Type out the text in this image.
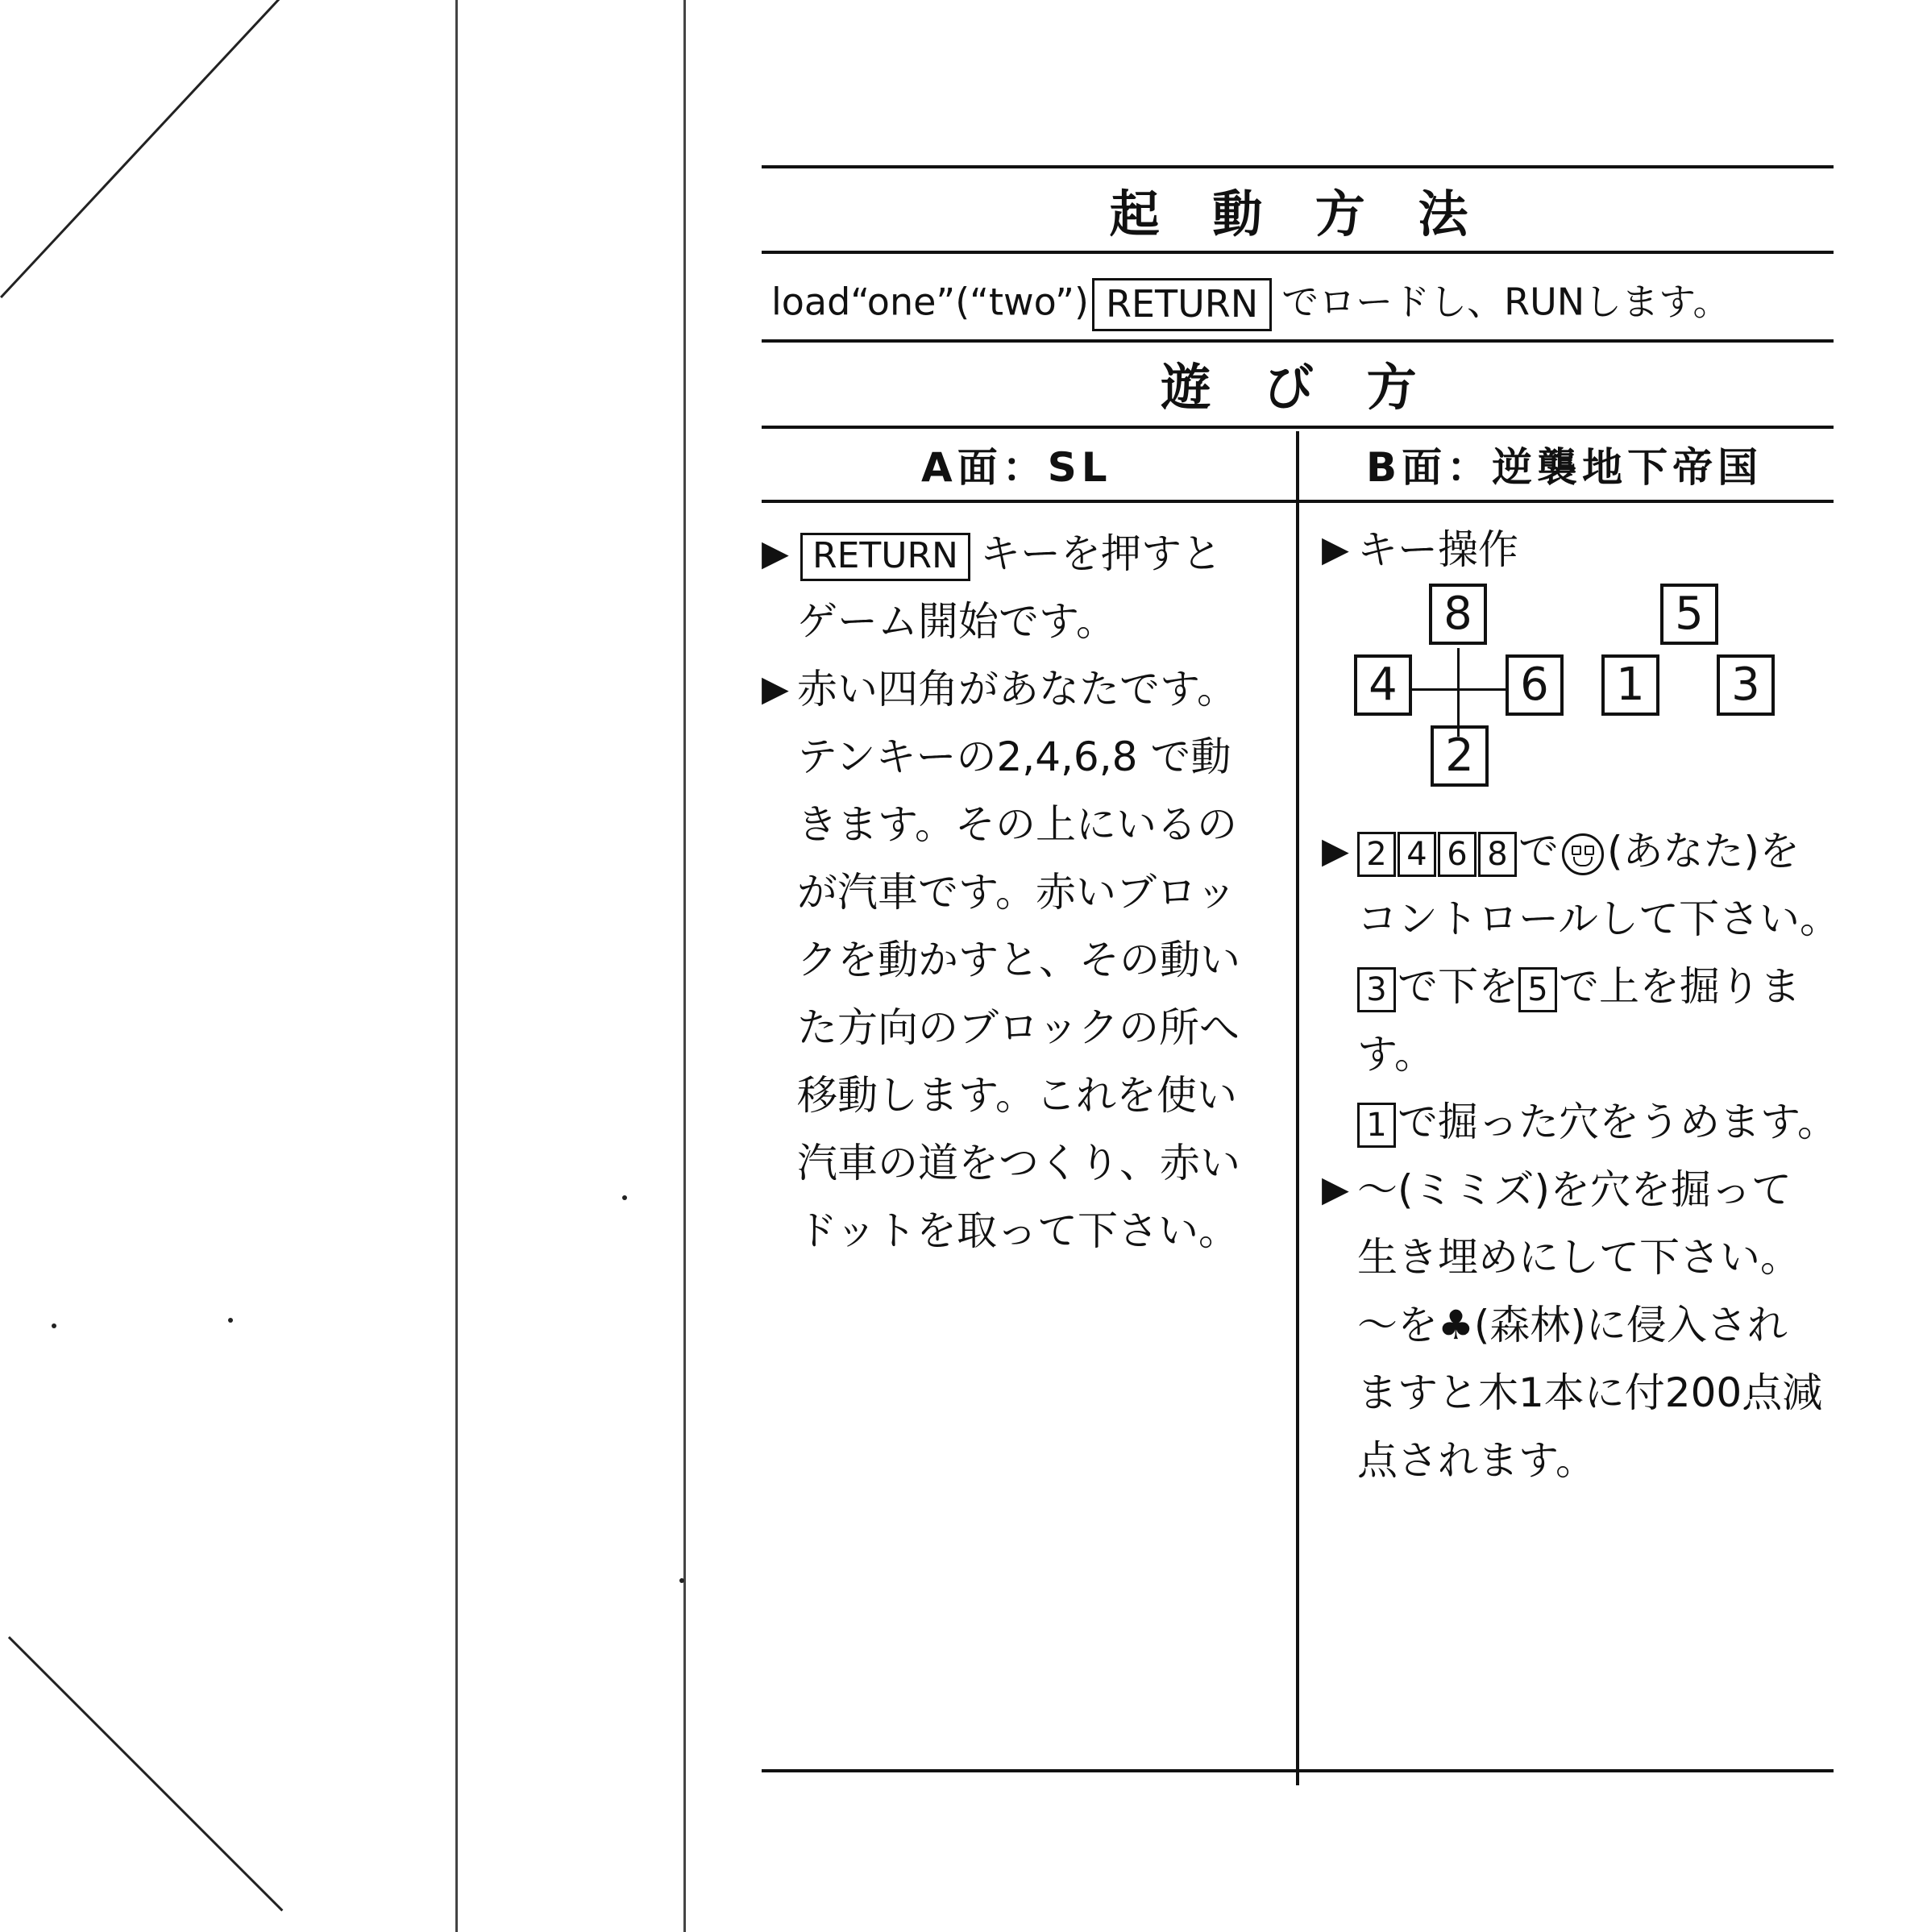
起 動 方 法
load“one”(“two”) RETURN でロードし、RUNします。
遊 び 方
A面：SL	B面：逆襲地下帝国
▶ RETURN キーを押すと
ゲーム開始です。
▶ 赤い四角があなたです。
テンキーの2,4,6,8 で動
きます。その上にいるの
が汽車です。赤いブロッ
クを動かすと、その動い
た方向のブロックの所へ
移動します。これを使い
汽車の道をつくり、赤い
ドットを取って下さい。
▶ キー操作
8
4	6
2
5
1	3
▶ 2 4 6 8 で (あなた)を
コントロールして下さい。
3 で下を 5 で上を掘りま
す。
1 で掘った穴をうめます。
▶ ～(ミミズ)を穴を掘って
生き埋めにして下さい。
～を♣(森林)に侵入され
ますと木1本に付200点減
点されます。
